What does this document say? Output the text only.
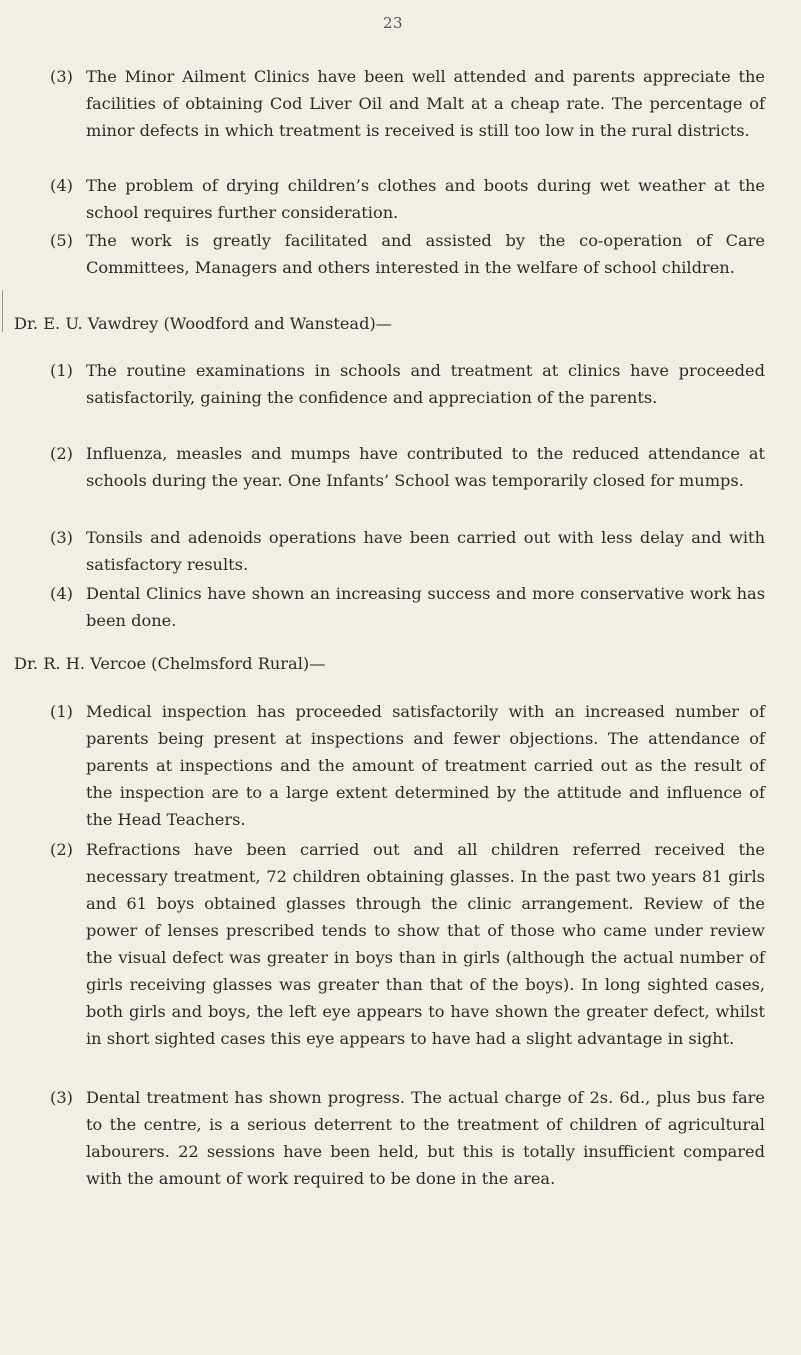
23
(3) The Minor Ailment Clinics have been well attended and parents appreciate the facilities of obtaining Cod Liver Oil and Malt at a cheap rate. The percentage of minor defects in which treatment is received is still too low in the rural districts.
(4) The problem of drying children’s clothes and boots during wet weather at the school requires further consideration.
(5) The work is greatly facilitated and assisted by the co-operation of Care Committees, Managers and others interested in the welfare of school children.
Dr. E. U. Vawdrey (Woodford and Wanstead)—
(1) The routine examinations in schools and treatment at clinics have proceeded satisfactorily, gaining the confidence and appreciation of the parents.
(2) Influenza, measles and mumps have contributed to the reduced attendance at schools during the year. One Infants’ School was temporarily closed for mumps.
(3) Tonsils and adenoids operations have been carried out with less delay and with satisfactory results.
(4) Dental Clinics have shown an increasing success and more conservative work has been done.
Dr. R. H. Vercoe (Chelmsford Rural)—
(1) Medical inspection has proceeded satisfactorily with an increased number of parents being present at inspections and fewer objections. The attendance of parents at inspections and the amount of treatment carried out as the result of the inspection are to a large extent determined by the attitude and influence of the Head Teachers.
(2) Refractions have been carried out and all children referred received the necessary treatment, 72 children obtaining glasses. In the past two years 81 girls and 61 boys obtained glasses through the clinic arrangement. Review of the power of lenses prescribed tends to show that of those who came under review the visual defect was greater in boys than in girls (although the actual number of girls receiving glasses was greater than that of the boys). In long sighted cases, both girls and boys, the left eye appears to have shown the greater defect, whilst in short sighted cases this eye appears to have had a slight advantage in sight.
(3) Dental treatment has shown progress. The actual charge of 2s. 6d., plus bus fare to the centre, is a serious deterrent to the treatment of children of agricultural labourers. 22 sessions have been held, but this is totally insufficient compared with the amount of work required to be done in the area.
